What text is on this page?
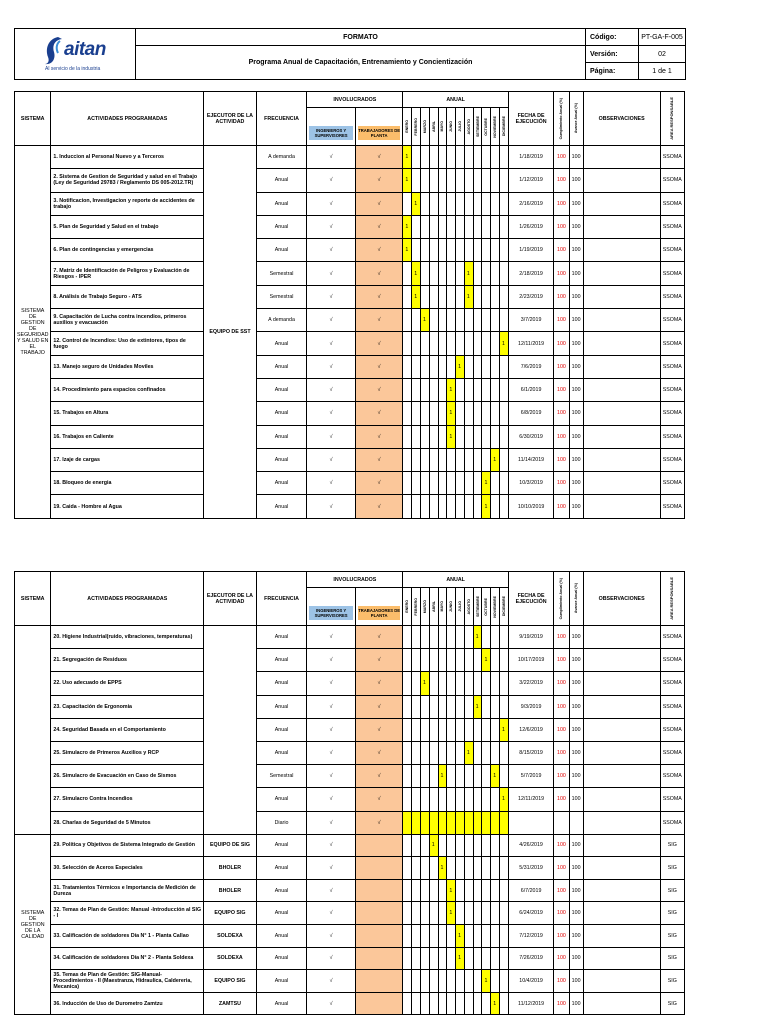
aitan
Al servicio de la industria	FORMATO	Código:	PT-GA-F-005
	Programa Anual de Capacitación, Entrenamiento y Concientización	Versión:	02
		Página:	1 de 1
SISTEMA	ACTIVIDADES PROGRAMADAS	EJECUTOR DE LA ACTIVIDAD	FRECUENCIA	INVOLUCRADOS		ANUAL												FECHA DE EJECUCIÓN	Cumplimiento Anual (%)	Avance Anual (%)	OBSERVACIONES	AREA RESPONSABLE

				INGENIEROS Y SUPERVISORES	TRABAJADORES DE PLANTA	ENERO	FEBRERO	MARZO	ABRIL	MAYO	JUNIO	JULIO	AGOSTO	SETIEMBRE	OCTUBRE	NOVIEMBRE	DICIEMBRE					

SISTEMA DE GESTION DE SEGURIDAD Y SALUD EN EL TRABAJO	1. Induccion al Personal Nuevo y a Terceros	EQUIPO DE SST	A demanda	√	√	1												1/18/2019	100	100		SSOMA
	2. Sistema de Gestion de Seguridad y salud en el Trabajo (Ley de Seguridad 29783 / Reglamento DS 005-2012.TR)		Anual	√	√	1												1/12/2019	100	100		SSOMA
	3. Notificacion, Investigacion y reporte de accidentes de trabajo		Anual	√	√		1											2/16/2019	100	100		SSOMA
	5. Plan de Seguridad y Salud en el trabajo		Anual	√	√	1												1/26/2019	100	100		SSOMA
	6. Plan de contingencias y emergencias		Anual	√	√	1												1/19/2019	100	100		SSOMA
	7. Matriz de Identificación de Peligros y Evaluación de Riesgos - IPER		Semestral	√	√		1						1					2/18/2019	100	100		SSOMA
	8. Análisis de Trabajo Seguro - ATS		Semestral	√	√		1						1					2/23/2019	100	100		SSOMA
	9. Capacitación de Lucha contra incendios, primeros auxilios y evacuación		A demanda	√	√			1										3/7/2019	100	100		SSOMA
	12. Control de Incendios: Uso de extintores, tipos de fuego		Anual	√	√												1	12/11/2019	100	100		SSOMA
	13. Manejo seguro de Unidades Moviles		Anual	√	√							1						7/6/2019	100	100		SSOMA
	14. Procedimiento para espacios confinados		Anual	√	√						1							6/1/2019	100	100		SSOMA
	15. Trabajos en Altura		Anual	√	√						1							6/8/2019	100	100		SSOMA
	16. Trabajos en Caliente		Anual	√	√						1							6/30/2019	100	100		SSOMA
	17. Izaje de cargas		Anual	√	√											1		11/14/2019	100	100		SSOMA
	18. Bloqueo de energia		Anual	√	√										1			10/3/2019	100	100		SSOMA
	19. Caida - Hombre al Agua		Anual	√	√										1			10/10/2019	100	100		SSOMA
SISTEMA	ACTIVIDADES PROGRAMADAS	EJECUTOR DE LA ACTIVIDAD	FRECUENCIA	INVOLUCRADOS		ANUAL												FECHA DE EJECUCIÓN	Cumplimiento Anual (%)	Avance Anual (%)	OBSERVACIONES	AREA RESPONSABLE

				INGENIEROS Y SUPERVISORES	TRABAJADORES DE PLANTA	ENERO	FEBRERO	MARZO	ABRIL	MAYO	JUNIO	JULIO	AGOSTO	SETIEMBRE	OCTUBRE	NOVIEMBRE	DICIEMBRE					

	20. Higiene Industrial(ruido, vibraciones, temperaturas)		Anual	√	√									1				9/19/2019	100	100		SSOMA
	21. Segregación de Residuos		Anual	√	√										1			10/17/2019	100	100		SSOMA
	22. Uso adecuado de EPPS		Anual	√	√			1										3/22/2019	100	100		SSOMA
	23. Capacitación de Ergonomia		Anual	√	√									1				9/3/2019	100	100		SSOMA
	24. Seguridad Basada en el Comportamiento		Anual	√	√												1	12/6/2019	100	100		SSOMA
	25. Simulacro de Primeros Auxilios y RCP		Anual	√	√								1					8/15/2019	100	100		SSOMA
	26. Simulacro de Evacuación en Caso de Sismos		Semestral	√	√					1						1		5/7/2019	100	100		SSOMA
	27. Simulacro Contra Incendios		Anual	√	√												1	12/11/2019	100	100		SSOMA
	28. Charlas de Seguridad de 5 Minutos		Diario	√	√																	SSOMA
SISTEMA DE GESTION DE LA CALIDAD	29. Política y Objetivos de Sistema Integrado de Gestión	EQUIPO DE SIG	Anual	√					1									4/26/2019	100	100		SIG
	30. Selección de Aceros Especiales	BHOLER	Anual	√						1								5/31/2019	100	100		SIG
	31. Tratamientos Térmicos e Importancia de Medición de Dureza	BHOLER	Anual	√							1							6/7/2019	100	100		SIG
	32. Temas de Plan de Gestión: Manual -Introducción al SIG - I	EQUIPO SIG	Anual	√							1							6/24/2019	100	100		SIG
	33. Calificación de soldadores Día N° 1 - Planta Callao	SOLDEXA	Anual	√								1						7/12/2019	100	100		SIG
	34. Calificación de soldadores Día N° 2 - Planta Soldexa	SOLDEXA	Anual	√								1						7/26/2019	100	100		SIG
	35. Temas de Plan de Gestión: SIG-Manual-Procedimientos - II (Maestranza, Hidraulica, Caldereria, Mecanica)	EQUIPO SIG	Anual	√											1			10/4/2019	100	100		SIG
	36. Inducción de Uso de Durometro Zamtzu	ZAMTSU	Anual	√												1		11/12/2019	100	100		SIG
